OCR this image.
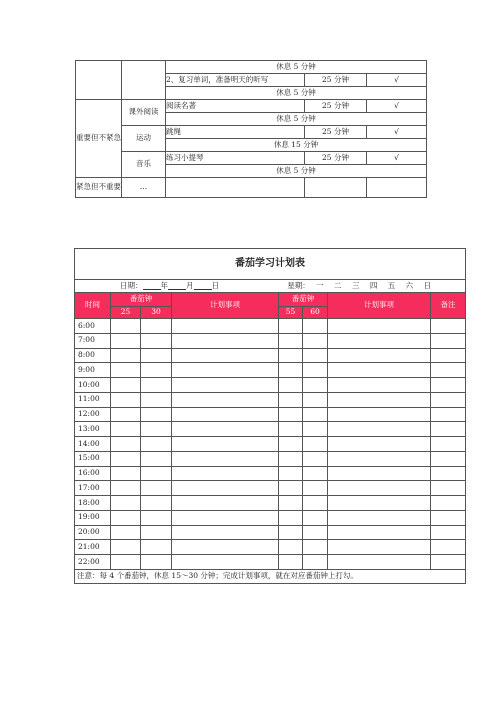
		休息 5 分钟		
		2、复习单词，准备明天的听写	25 分钟	√
		休息 5 分钟		
重要但不紧急	课外阅读	阅读名著	25 分钟	√
		休息 5 分钟		
	运动	跳绳	25 分钟	√
		休息 15 分钟		
	音乐	练习小提琴	25 分钟	√
		休息 5 分钟		
紧急但不重要	...			
番茄学习计划表							

日期： 年 月 日 星期： 一 二 三 四 五 六 日							

时间	番茄钟		计划事项	番茄钟		计划事项	备注
	25	30		55	60		
6:00							
7:00							
8:00							
9:00							
10:00							
11:00							
12:00							
13:00							
14:00							
15:00							
16:00							
17:00							
18:00							
19:00							
20:00							
21:00							
22:00							
注意：每 4 个番茄钟，休息 15～30 分钟；完成计划事项，就在对应番茄钟上打勾。							
